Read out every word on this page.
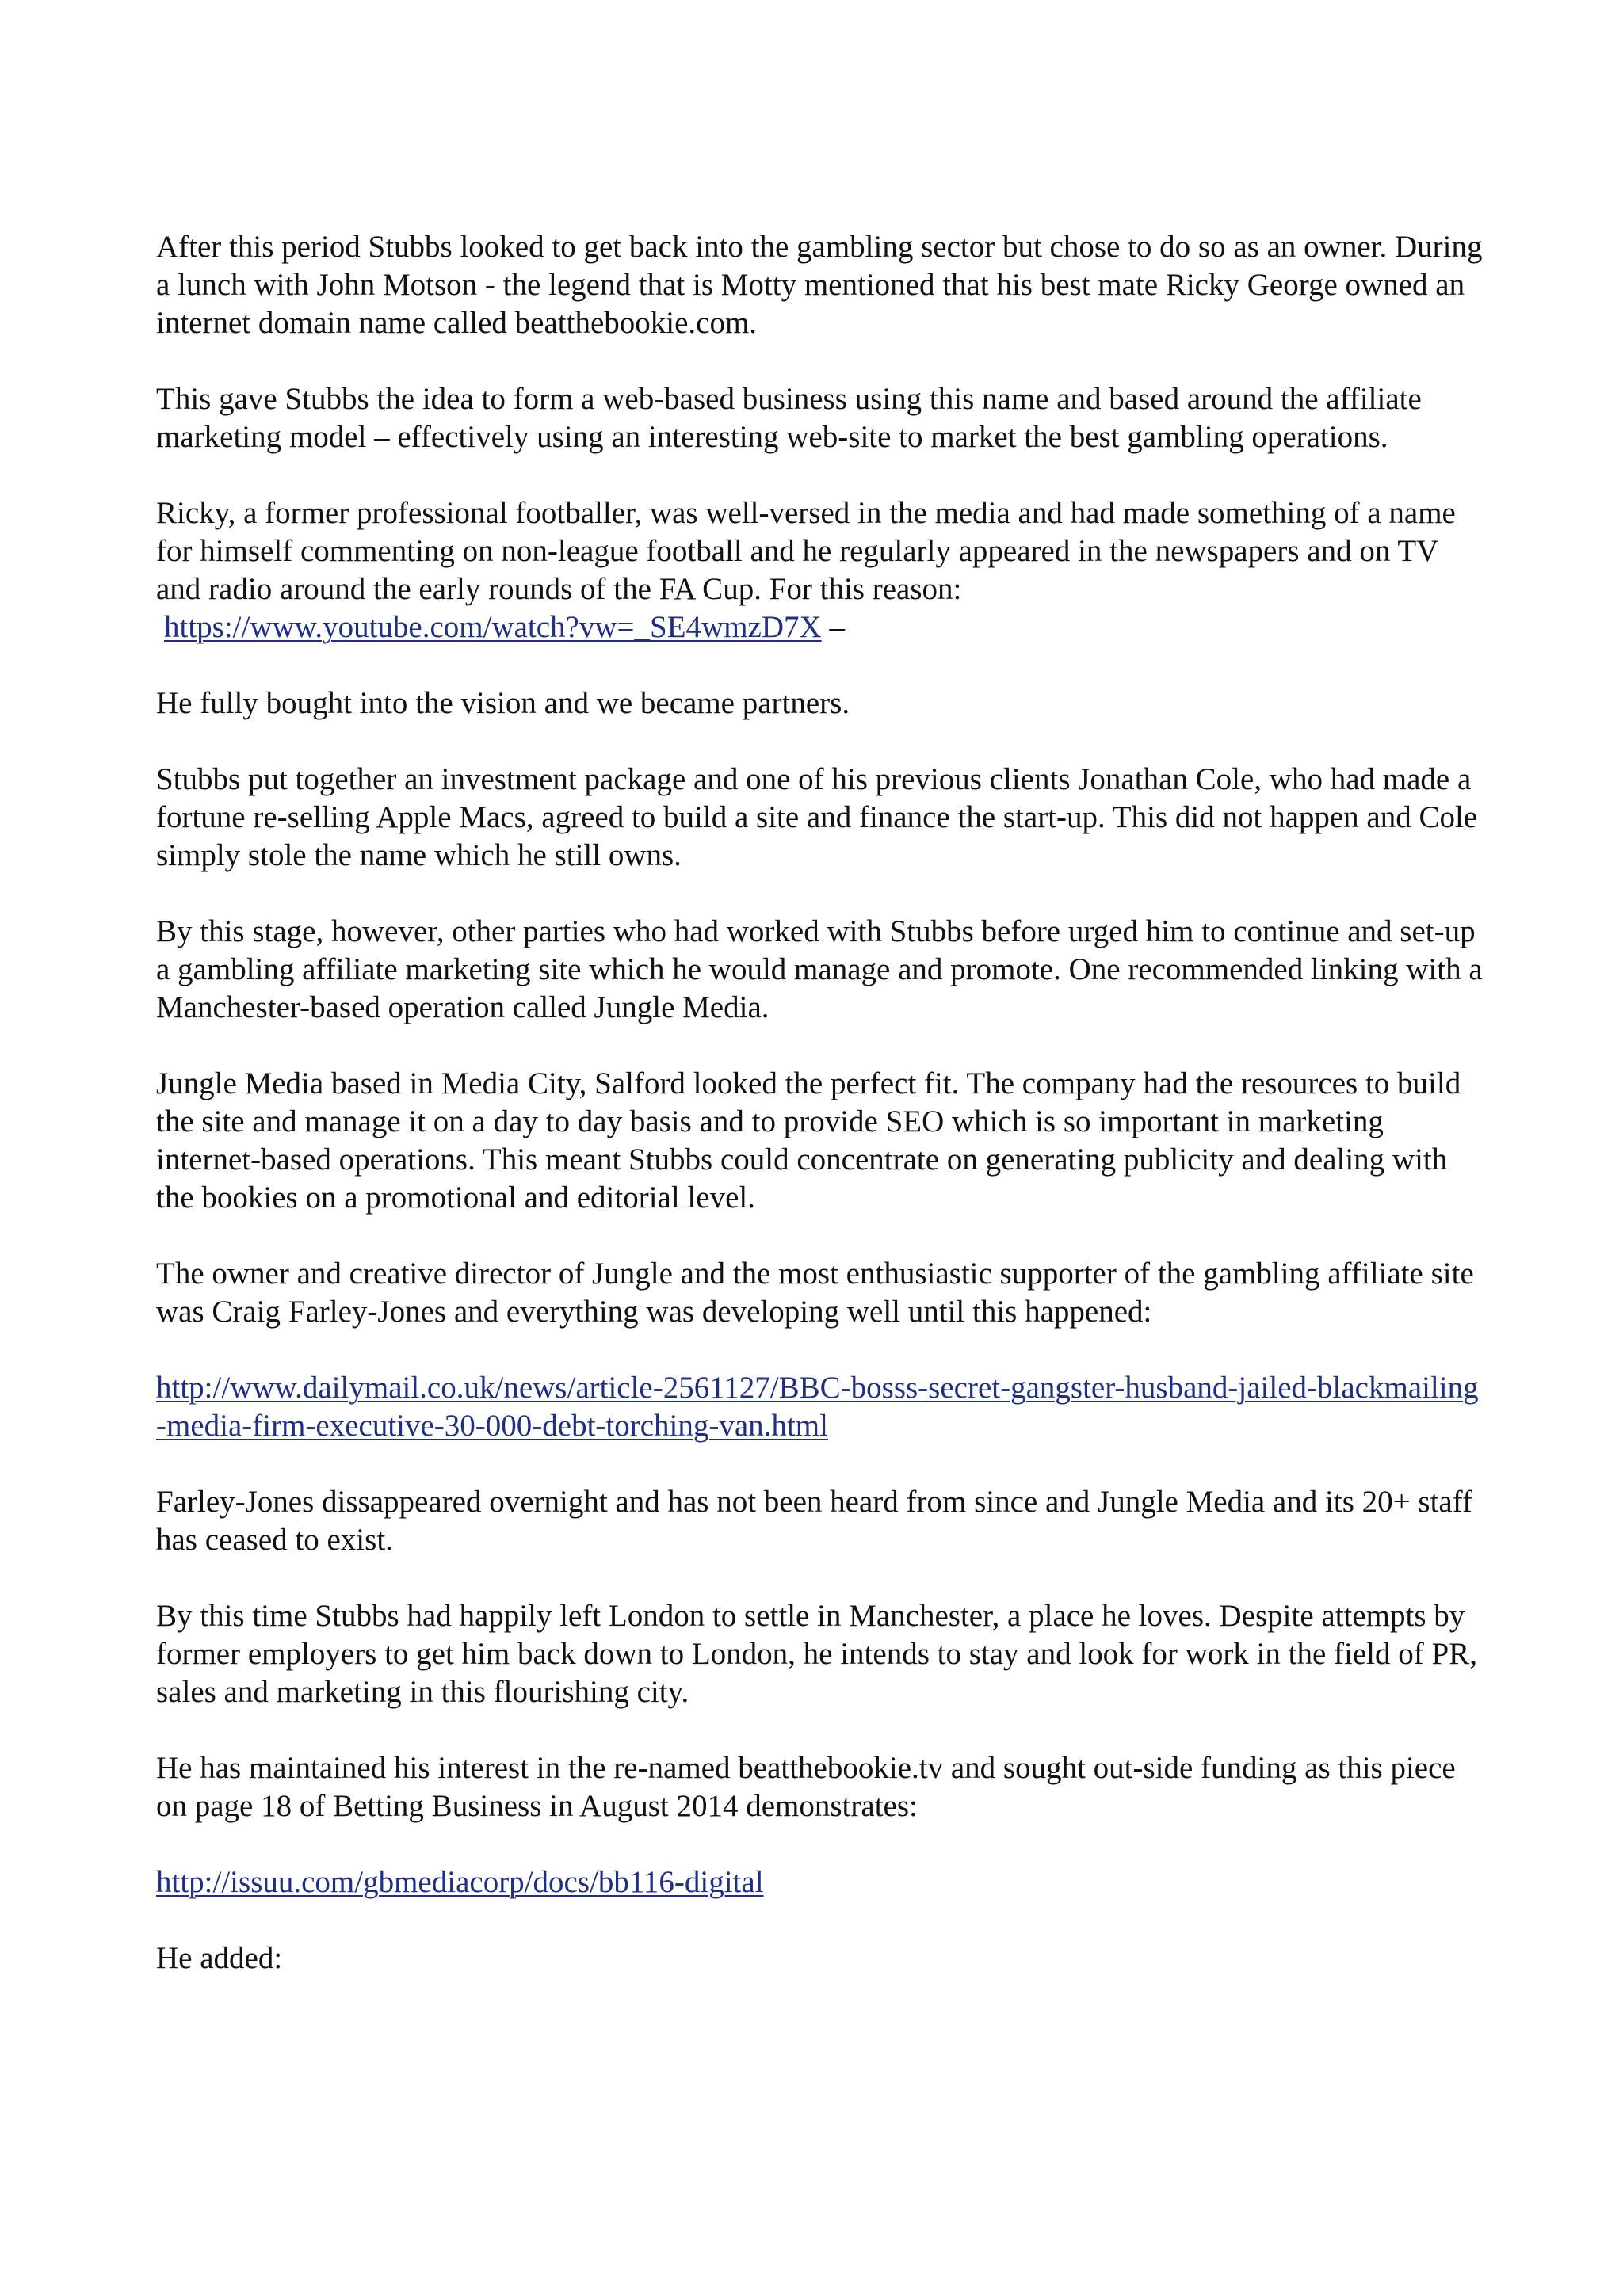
After this period Stubbs looked to get back into the gambling sector but chose to do so as an owner. During a lunch with John Motson - the legend that is Motty mentioned that his best mate Ricky George owned an internet domain name called beatthebookie.com.

This gave Stubbs the idea to form a web-based business using this name and based around the affiliate marketing model – effectively using an interesting web-site to market the best gambling operations.

Ricky, a former professional footballer, was well-versed in the media and had made something of a name for himself commenting on non-league football and he regularly appeared in the newspapers and on TV and radio around the early rounds of the FA Cup. For this reason:
https://www.youtube.com/watch?vw=_SE4wmzD7X –

He fully bought into the vision and we became partners.

Stubbs put together an investment package and one of his previous clients Jonathan Cole, who had made a fortune re-selling Apple Macs, agreed to build a site and finance the start-up. This did not happen and Cole simply stole the name which he still owns.

By this stage, however, other parties who had worked with Stubbs before urged him to continue and set-up a gambling affiliate marketing site which he would manage and promote. One recommended linking with a Manchester-based operation called Jungle Media.

Jungle Media based in Media City, Salford looked the perfect fit. The company had the resources to build the site and manage it on a day to day basis and to provide SEO which is so important in marketing internet-based operations. This meant Stubbs could concentrate on generating publicity and dealing with the bookies on a promotional and editorial level.

The owner and creative director of Jungle and the most enthusiastic supporter of the gambling affiliate site was Craig Farley-Jones and everything was developing well until this happened:

http://www.dailymail.co.uk/news/article-2561127/BBC-bosss-secret-gangster-husband-jailed-blackmailing-media-firm-executive-30-000-debt-torching-van.html

Farley-Jones dissappeared overnight and has not been heard from since and Jungle Media and its 20+ staff has ceased to exist.

By this time Stubbs had happily left London to settle in Manchester, a place he loves. Despite attempts by former employers to get him back down to London, he intends to stay and look for work in the field of PR, sales and marketing in this flourishing city.

He has maintained his interest in the re-named beatthebookie.tv and sought out-side funding as this piece on page 18 of Betting Business in August 2014 demonstrates:

http://issuu.com/gbmediacorp/docs/bb116-digital

He added:
